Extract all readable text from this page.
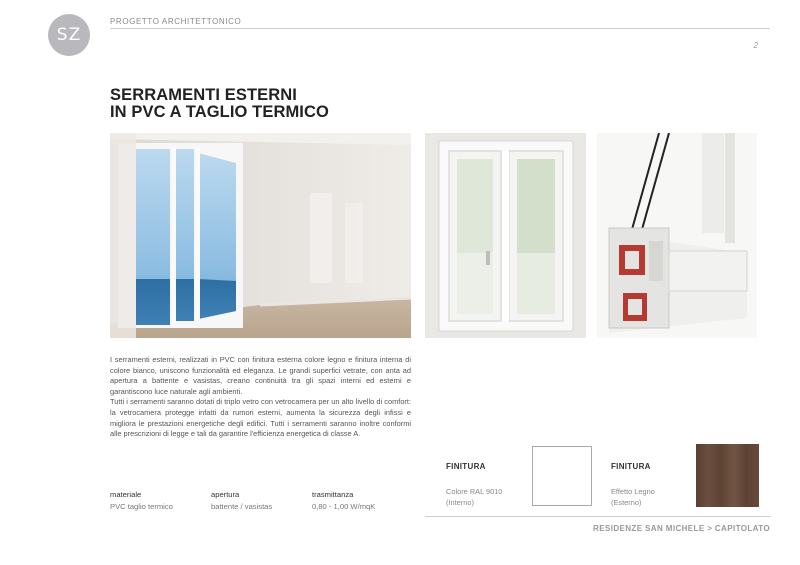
SZ
PROGETTO ARCHITETTONICO
2
SERRAMENTI ESTERNI
IN PVC A TAGLIO TERMICO

I serramenti esterni, realizzati in PVC con finitura esterna colore legno e finitura interna di colore bianco, uniscono funzionalità ed eleganza. Le grandi superfici vetrate, con anta ad apertura a battente e vasistas, creano continuità tra gli spazi interni ed esterni e garantiscono luce naturale agli ambienti.

Tutti i serramenti saranno dotati di triplo vetro con vetrocamera per un alto livello di comfort: la vetrocamera protegge infatti da rumori esterni, aumenta la sicurezza degli infissi e migliora le prestazioni energetiche degli edifici. Tutti i serramenti saranno inoltre conformi alle prescrizioni di legge e tali da garantire l'efficienza energetica di classe A.

materiale
PVC taglio termico
apertura
battente / vasistas
trasmittanza
0,80 - 1,00 W/mqK
FINITURA
Colore RAL 9010
(Interno)
FINITURA
Effetto Legno
(Esterno)
RESIDENZE SAN MICHELE > CAPITOLATO
